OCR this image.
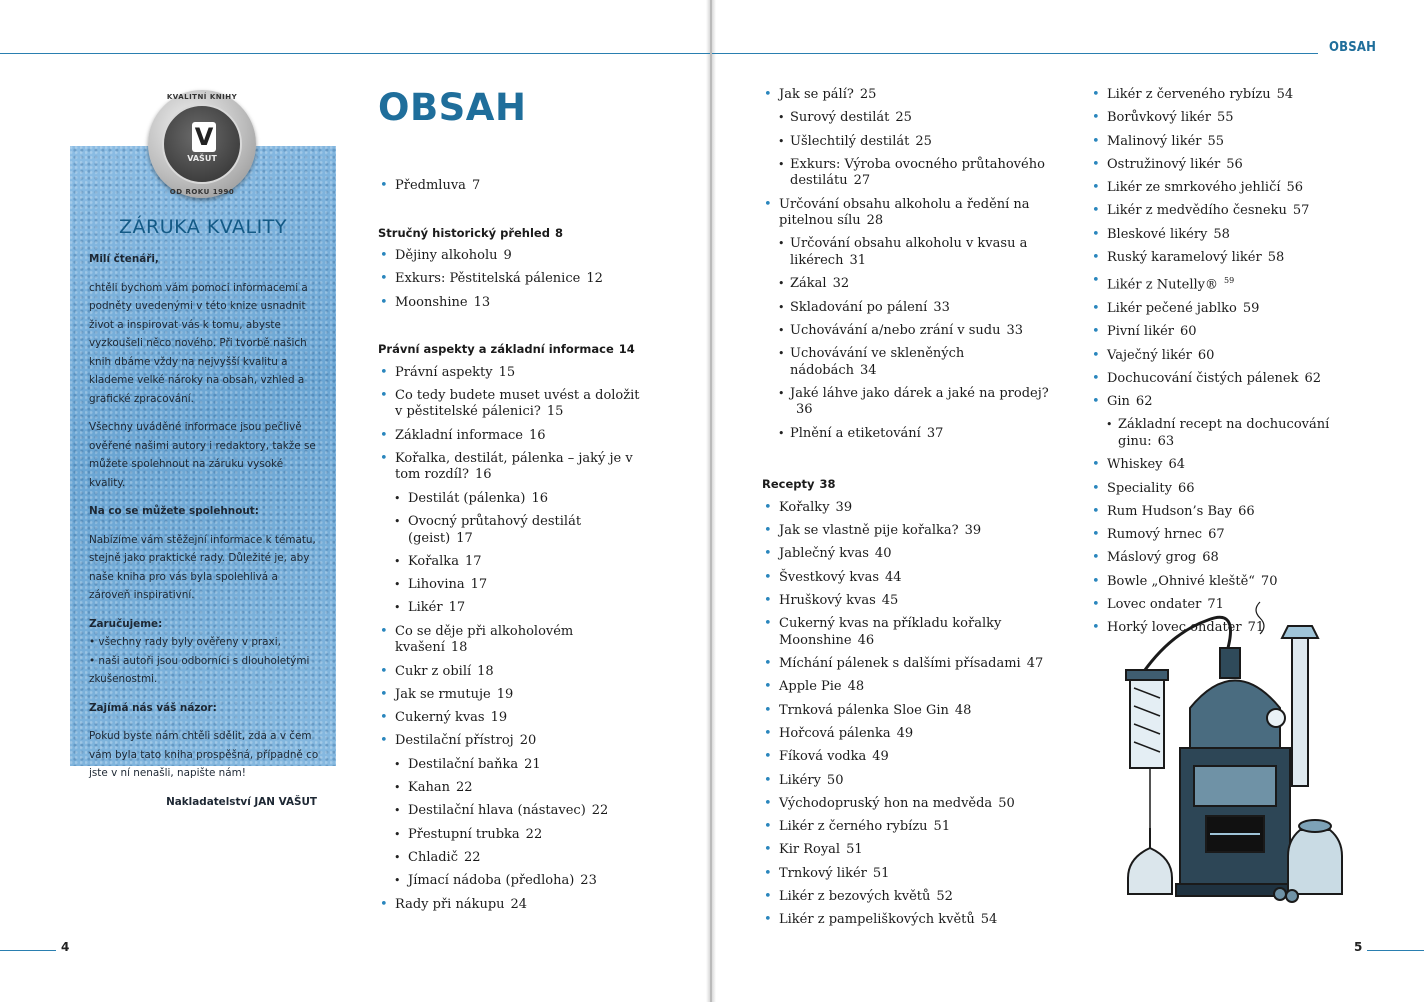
OBSAH
4	5
KVALITNÍ KNIHY
V
VAŠUT
OD ROKU 1990
ZÁRUKA KVALITY

Milí čtenáři,

chtěli bychom vám pomoci informacemi a podněty uvedenými v této knize usnadnit život a inspirovat vás k tomu, abyste vyzkoušeli něco nového. Při tvorbě našich knih dbáme vždy na nejvyšší kvalitu a klademe velké nároky na obsah, vzhled a grafické zpracování.

Všechny uváděné informace jsou pečlivě ověřené našimi autory i redaktory, takže se můžete spolehnout na záruku vysoké kvality.

Na co se můžete spolehnout:

Nabízíme vám stěžejní informace k tématu, stejně jako praktické rady. Důležité je, aby naše kniha pro vás byla spolehlivá a zároveň inspirativní.

Zaručujeme:

• všechny rady byly ověřeny v praxi,

• naši autoři jsou odborníci s dlouholetými zkušenostmi.

Zajímá nás váš názor:

Pokud byste nám chtěli sdělit, zda a v čem vám byla tato kniha prospěšná, případně co jste v ní nenašli, napište nám!

Nakladatelství JAN VAŠUT

OBSAH
• Předmluva 7
Stručný historický přehled 8
• Dějiny alkoholu 9
• Exkurs: Pěstitelská pálenice 12
• Moonshine 13
Právní aspekty a základní informace 14
• Právní aspekty 15
• Co tedy budete muset uvést a doložit v pěstitelské pálenici? 15
• Základní informace 16
• Kořalka, destilát, pálenka – jaký je v tom rozdíl? 16
• Destilát (pálenka) 16
• Ovocný průtahový destilát (geist) 17
• Kořalka 17
• Lihovina 17
• Likér 17
• Co se děje při alkoholovém kvašení 18
• Cukr z obilí 18
• Jak se rmutuje 19
• Cukerný kvas 19
• Destilační přístroj 20
• Destilační baňka 21
• Kahan 22
• Destilační hlava (nástavec) 22
• Přestupní trubka 22
• Chladič 22
• Jímací nádoba (předloha) 23
• Rady při nákupu 24
• Jak se pálí? 25
• Surový destilát 25
• Ušlechtilý destilát 25
• Exkurs: Výroba ovocného průtahového destilátu 27
• Určování obsahu alkoholu a ředění na pitelnou sílu 28
• Určování obsahu alkoholu v kvasu a likérech 31
• Zákal 32
• Skladování po pálení 33
• Uchovávání a/nebo zrání v sudu 33
• Uchovávání ve skleněných nádobách 34
• Jaké láhve jako dárek a jaké na prodej?36
• Plnění a etiketování 37
Recepty 38
• Kořalky 39
• Jak se vlastně pije kořalka? 39
• Jablečný kvas 40
• Švestkový kvas 44
• Hruškový kvas 45
• Cukerný kvas na příkladu kořalky Moonshine 46
• Míchání pálenek s dalšími přísadami 47
• Apple Pie 48
• Trnková pálenka Sloe Gin 48
• Hořcová pálenka 49
• Fíková vodka 49
• Likéry 50
• Východopruský hon na medvěda 50
• Likér z černého rybízu 51
• Kir Royal 51
• Trnkový likér 51
• Likér z bezových květů 52
• Likér z pampeliškových květů 54
• Likér z červeného rybízu 54
• Borůvkový likér 55
• Malinový likér 55
• Ostružinový likér 56
• Likér ze smrkového jehličí 56
• Likér z medvědího česneku 57
• Bleskové likéry 58
• Ruský karamelový likér 58
• Likér z Nutelly® $^{59}$
• Likér pečené jablko 59
• Pivní likér 60
• Vaječný likér 60
• Dochucování čistých pálenek 62
• Gin 62
• Základní recept na dochucování ginu: 63
• Whiskey 64
• Speciality 66
• Rum Hudson’s Bay 66
• Rumový hrnec 67
• Máslový grog 68
• Bowle „Ohnivé kleště“ 70
• Lovec ondater 71
• Horký lovec ondater 71
